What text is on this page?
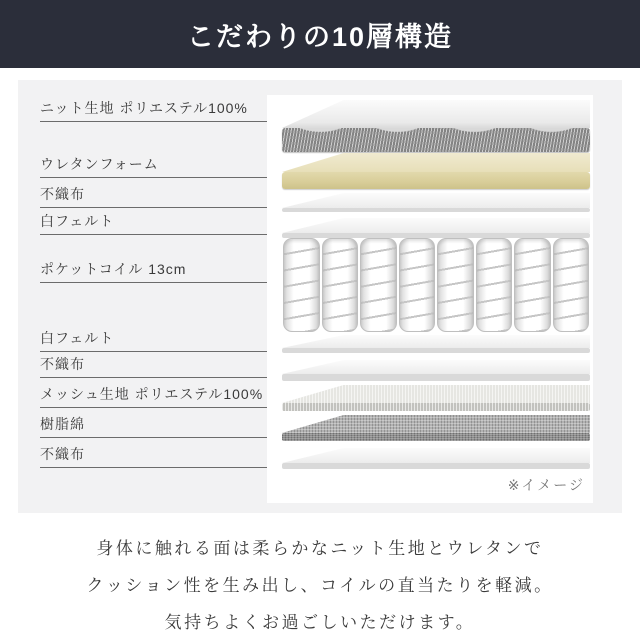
こだわりの10層構造
ニット生地 ポリエステル100%
ウレタンフォーム
不織布
白フェルト
ポケットコイル 13cm
白フェルト
不織布
メッシュ生地 ポリエステル100%
樹脂綿
不織布
※イメージ

身体に触れる面は柔らかなニット生地とウレタンで

クッション性を生み出し、コイルの直当たりを軽減。

気持ちよくお過ごしいただけます。
